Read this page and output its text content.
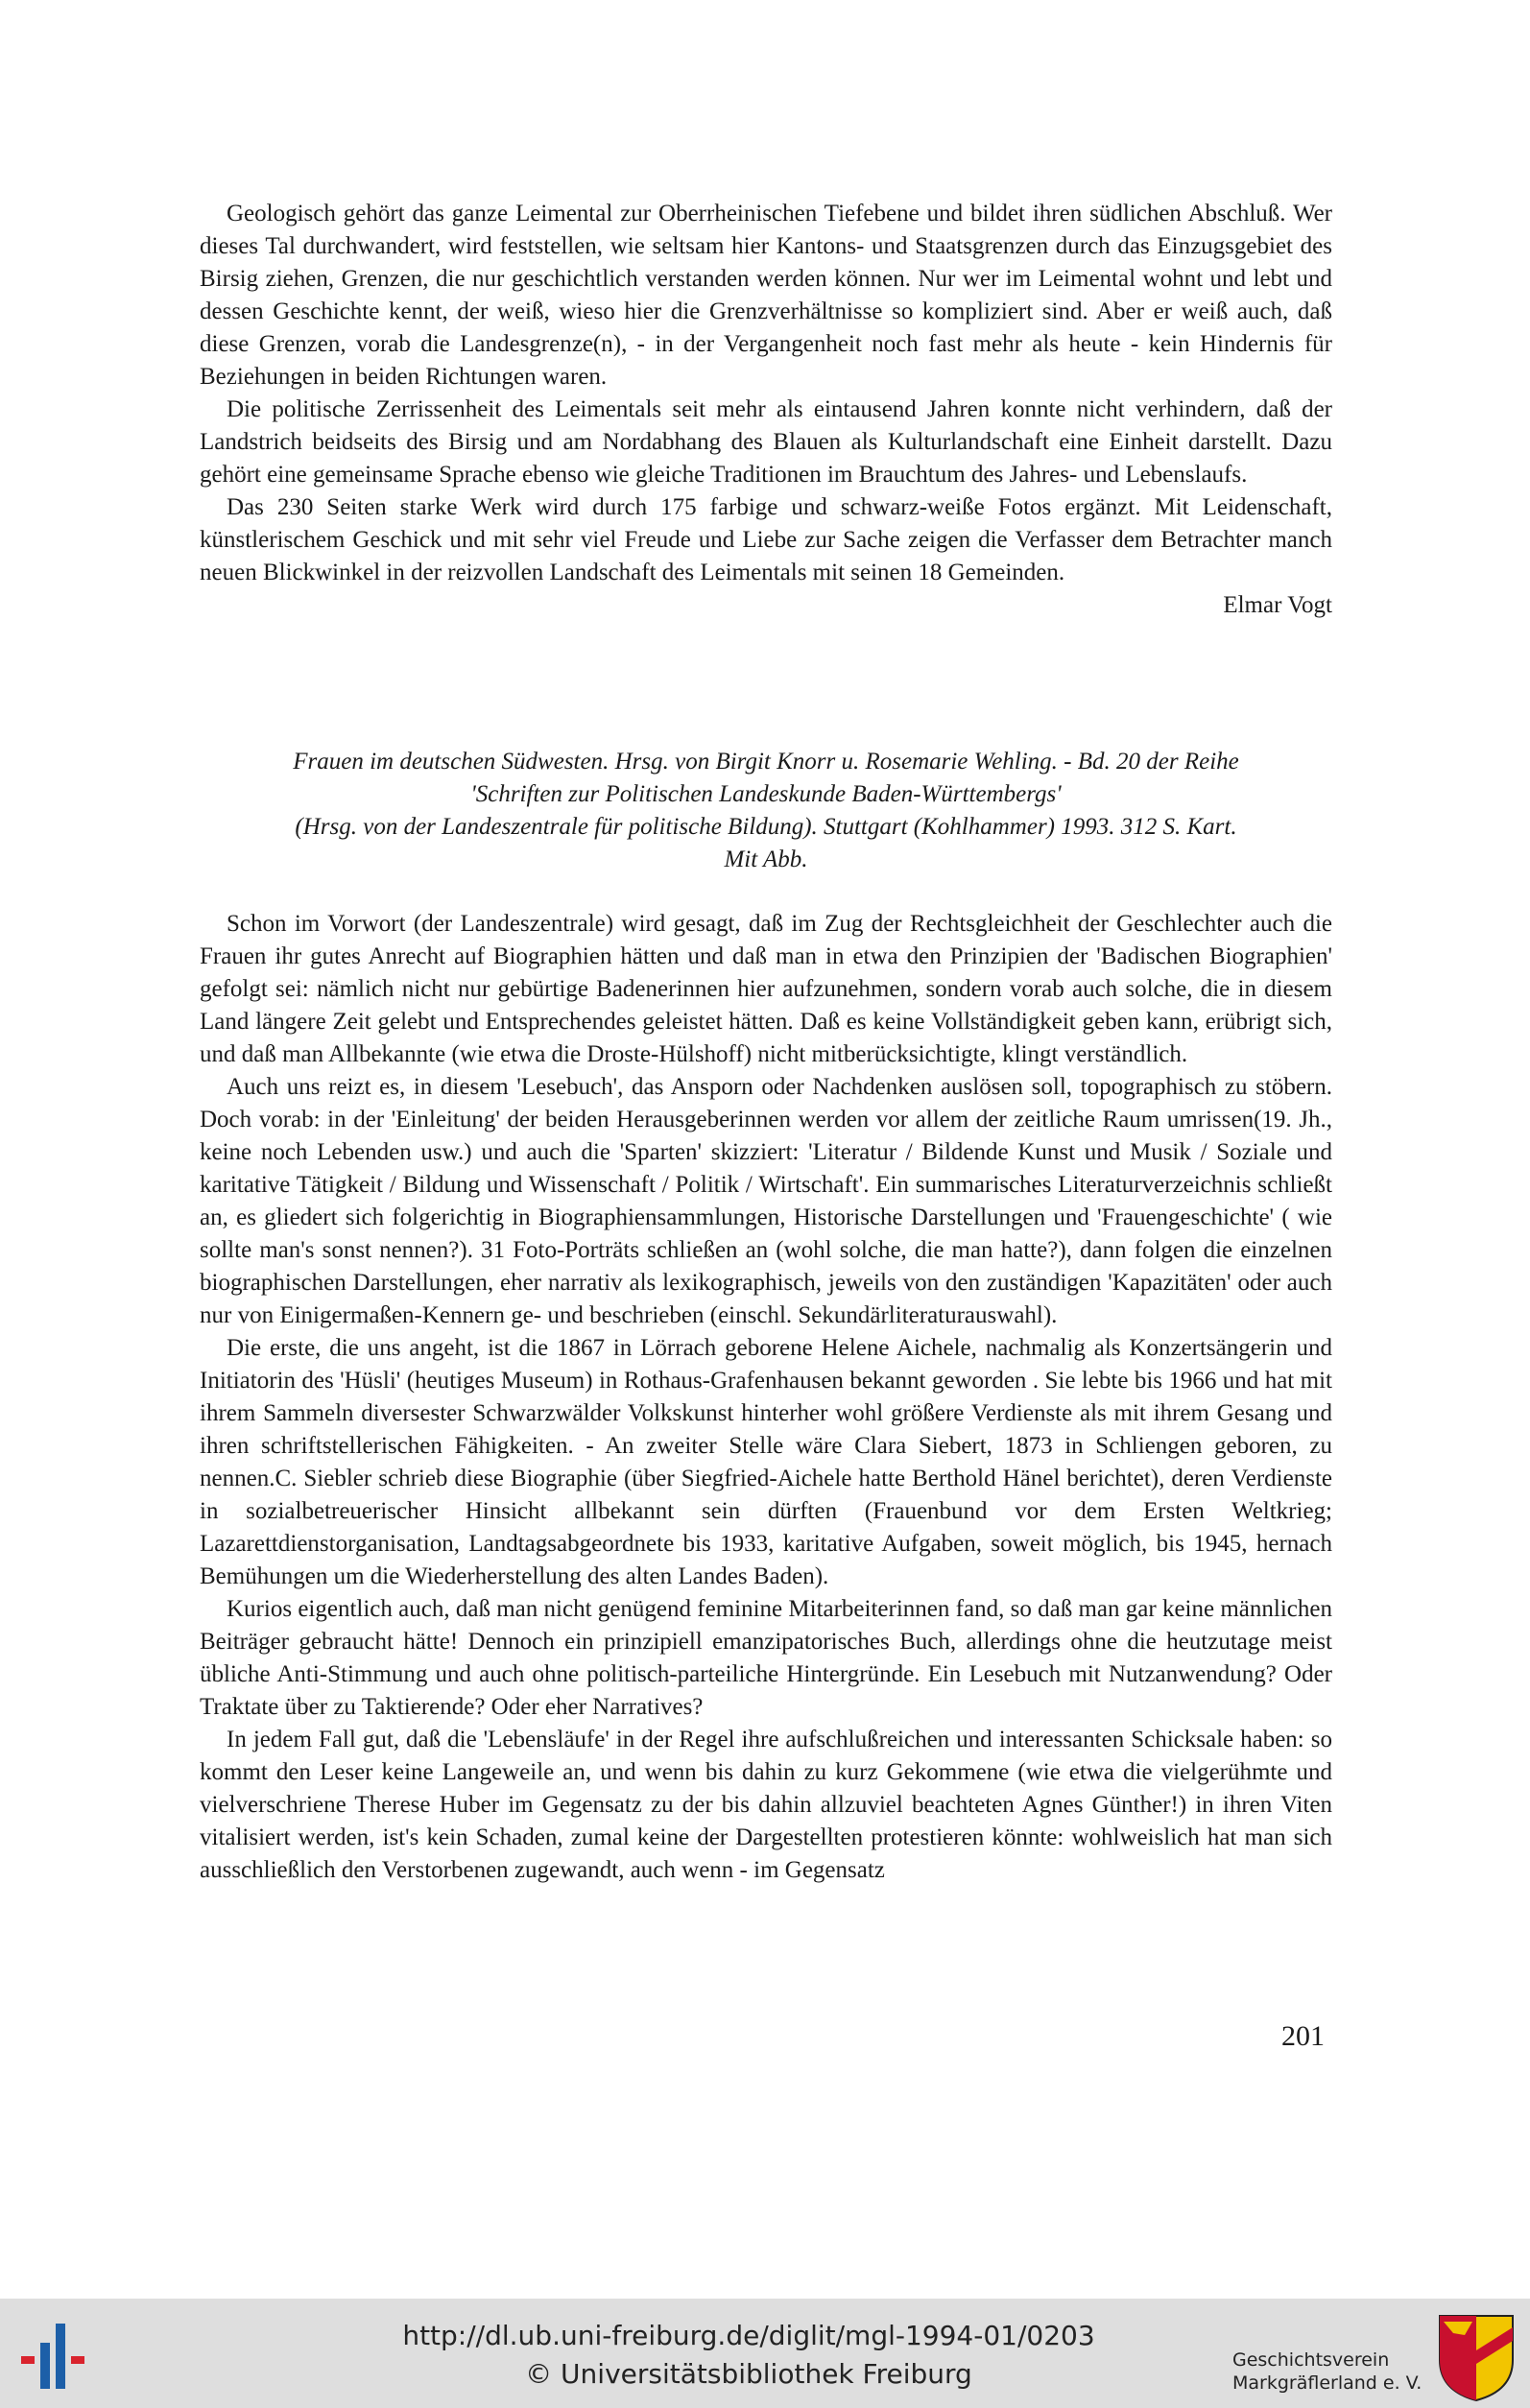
Geologisch gehört das ganze Leimental zur Oberrheinischen Tiefebene und bildet ihren südlichen Abschluß. Wer dieses Tal durchwandert, wird feststellen, wie seltsam hier Kantons- und Staatsgrenzen durch das Einzugsgebiet des Birsig ziehen, Grenzen, die nur geschichtlich verstanden werden können. Nur wer im Leimental wohnt und lebt und dessen Geschichte kennt, der weiß, wieso hier die Grenzverhältnisse so kompliziert sind. Aber er weiß auch, daß diese Grenzen, vorab die Landesgrenze(n), - in der Vergangenheit noch fast mehr als heute - kein Hindernis für Beziehungen in beiden Richtungen waren.

Die politische Zerrissenheit des Leimentals seit mehr als eintausend Jahren konnte nicht verhindern, daß der Landstrich beidseits des Birsig und am Nordabhang des Blauen als Kulturlandschaft eine Einheit darstellt. Dazu gehört eine gemeinsame Sprache ebenso wie gleiche Traditionen im Brauchtum des Jahres- und Lebenslaufs.

Das 230 Seiten starke Werk wird durch 175 farbige und schwarz-weiße Fotos ergänzt. Mit Leidenschaft, künstlerischem Geschick und mit sehr viel Freude und Liebe zur Sache zeigen die Verfasser dem Betrachter manch neuen Blickwinkel in der reizvollen Landschaft des Leimentals mit seinen 18 Gemeinden.

Elmar Vogt

Frauen im deutschen Südwesten. Hrsg. von Birgit Knorr u. Rosemarie Wehling. - Bd. 20 der Reihe
'Schriften zur Politischen Landeskunde Baden-Württembergs'
(Hrsg. von der Landeszentrale für politische Bildung). Stuttgart (Kohlhammer) 1993. 312 S. Kart.
Mit Abb.

Schon im Vorwort (der Landeszentrale) wird gesagt, daß im Zug der Rechtsgleichheit der Geschlechter auch die Frauen ihr gutes Anrecht auf Biographien hätten und daß man in etwa den Prinzipien der 'Badischen Biographien' gefolgt sei: nämlich nicht nur gebürtige Badenerinnen hier aufzunehmen, sondern vorab auch solche, die in diesem Land längere Zeit gelebt und Entsprechendes geleistet hätten. Daß es keine Vollständigkeit geben kann, erübrigt sich, und daß man Allbekannte (wie etwa die Droste-Hülshoff) nicht mitberücksichtigte, klingt verständlich.

Auch uns reizt es, in diesem 'Lesebuch', das Ansporn oder Nachdenken auslösen soll, topographisch zu stöbern. Doch vorab: in der 'Einleitung' der beiden Herausgeberinnen werden vor allem der zeitliche Raum umrissen(19. Jh., keine noch Lebenden usw.) und auch die 'Sparten' skizziert: 'Literatur / Bildende Kunst und Musik / Soziale und karitative Tätigkeit / Bildung und Wissenschaft / Politik / Wirtschaft'. Ein summarisches Literaturverzeichnis schließt an, es gliedert sich folgerichtig in Biographiensammlungen, Historische Darstellungen und 'Frauengeschichte' ( wie sollte man's sonst nennen?). 31 Foto-Porträts schließen an (wohl solche, die man hatte?), dann folgen die einzelnen biographischen Darstellungen, eher narrativ als lexikographisch, jeweils von den zuständigen 'Kapazitäten' oder auch nur von Einigermaßen-Kennern ge- und beschrieben (einschl. Sekundärliteraturauswahl).

Die erste, die uns angeht, ist die 1867 in Lörrach geborene Helene Aichele, nachmalig als Konzertsängerin und Initiatorin des 'Hüsli' (heutiges Museum) in Rothaus-Grafenhausen bekannt geworden . Sie lebte bis 1966 und hat mit ihrem Sammeln diversester Schwarzwälder Volkskunst hinterher wohl größere Verdienste als mit ihrem Gesang und ihren schriftstellerischen Fähigkeiten. - An zweiter Stelle wäre Clara Siebert, 1873 in Schliengen geboren, zu nennen.C. Siebler schrieb diese Biographie (über Siegfried-Aichele hatte Berthold Hänel berichtet), deren Verdienste in sozialbetreuerischer Hinsicht allbekannt sein dürften (Frauenbund vor dem Ersten Weltkrieg; Lazarettdienstorganisation, Landtagsabgeordnete bis 1933, karitative Aufgaben, soweit möglich, bis 1945, hernach Bemühungen um die Wiederherstellung des alten Landes Baden).

Kurios eigentlich auch, daß man nicht genügend feminine Mitarbeiterinnen fand, so daß man gar keine männlichen Beiträger gebraucht hätte! Dennoch ein prinzipiell emanzipatorisches Buch, allerdings ohne die heutzutage meist übliche Anti-Stimmung und auch ohne politisch-parteiliche Hintergründe. Ein Lesebuch mit Nutzanwendung? Oder Traktate über zu Taktierende? Oder eher Narratives?

In jedem Fall gut, daß die 'Lebensläufe' in der Regel ihre aufschlußreichen und interessanten Schicksale haben: so kommt den Leser keine Langeweile an, und wenn bis dahin zu kurz Gekommene (wie etwa die vielgerühmte und vielverschriene Therese Huber im Gegensatz zu der bis dahin allzuviel beachteten Agnes Günther!) in ihren Viten vitalisiert werden, ist's kein Schaden, zumal keine der Dargestellten protestieren könnte: wohlweislich hat man sich ausschließlich den Verstorbenen zugewandt, auch wenn - im Gegensatz

201
http://dl.ub.uni-freiburg.de/diglit/mgl-1994-01/0203
© Universitätsbibliothek Freiburg	Geschichtsverein
Markgräflerland e. V.
